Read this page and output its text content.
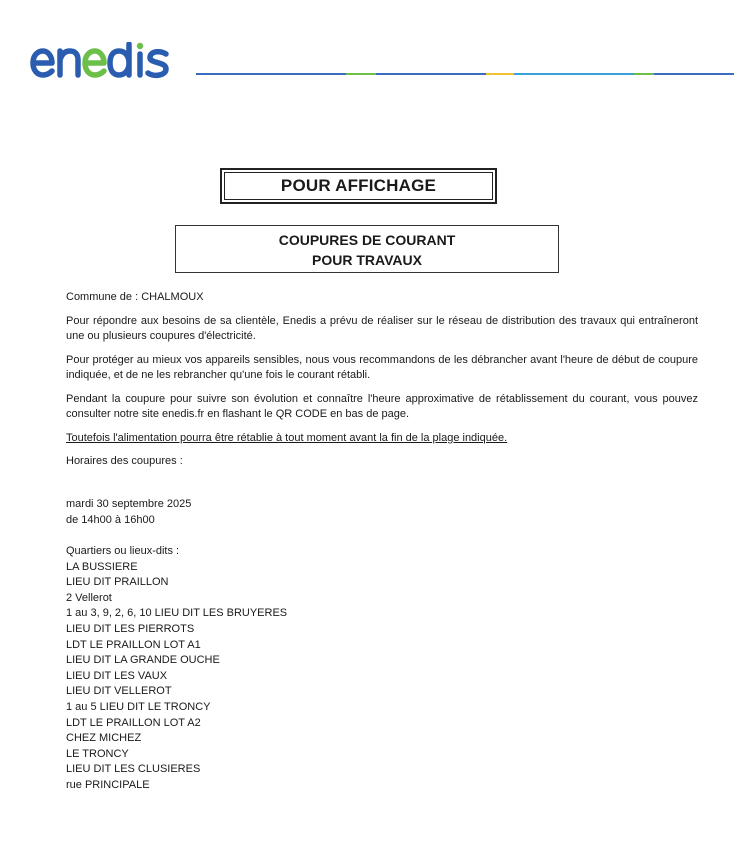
POUR AFFICHAGE
COUPURES DE COURANT
POUR TRAVAUX

Commune de : CHALMOUX

Pour répondre aux besoins de sa clientèle, Enedis a prévu de réaliser sur le réseau de distribution des travaux qui entraîneront une ou plusieurs coupures d'électricité.

Pour protéger au mieux vos appareils sensibles, nous vous recommandons de les débrancher avant l'heure de début de coupure indiquée, et de ne les rebrancher qu'une fois le courant rétabli.

Pendant la coupure pour suivre son évolution et connaître l'heure approximative de rétablissement du courant, vous pouvez consulter notre site enedis.fr en flashant le QR CODE en bas de page.

Toutefois l'alimentation pourra être rétablie à tout moment avant la fin de la plage indiquée.

Horaires des coupures :

mardi 30 septembre 2025
de 14h00 à 16h00
Quartiers ou lieux-dits :
LA BUSSIERE
LIEU DIT PRAILLON
2 Vellerot
1 au 3, 9, 2, 6, 10 LIEU DIT LES BRUYERES
LIEU DIT LES PIERROTS
LDT LE PRAILLON LOT A1
LIEU DIT LA GRANDE OUCHE
LIEU DIT LES VAUX
LIEU DIT VELLEROT
1 au 5 LIEU DIT LE TRONCY
LDT LE PRAILLON LOT A2
CHEZ MICHEZ
LE TRONCY
LIEU DIT LES CLUSIERES
rue PRINCIPALE
